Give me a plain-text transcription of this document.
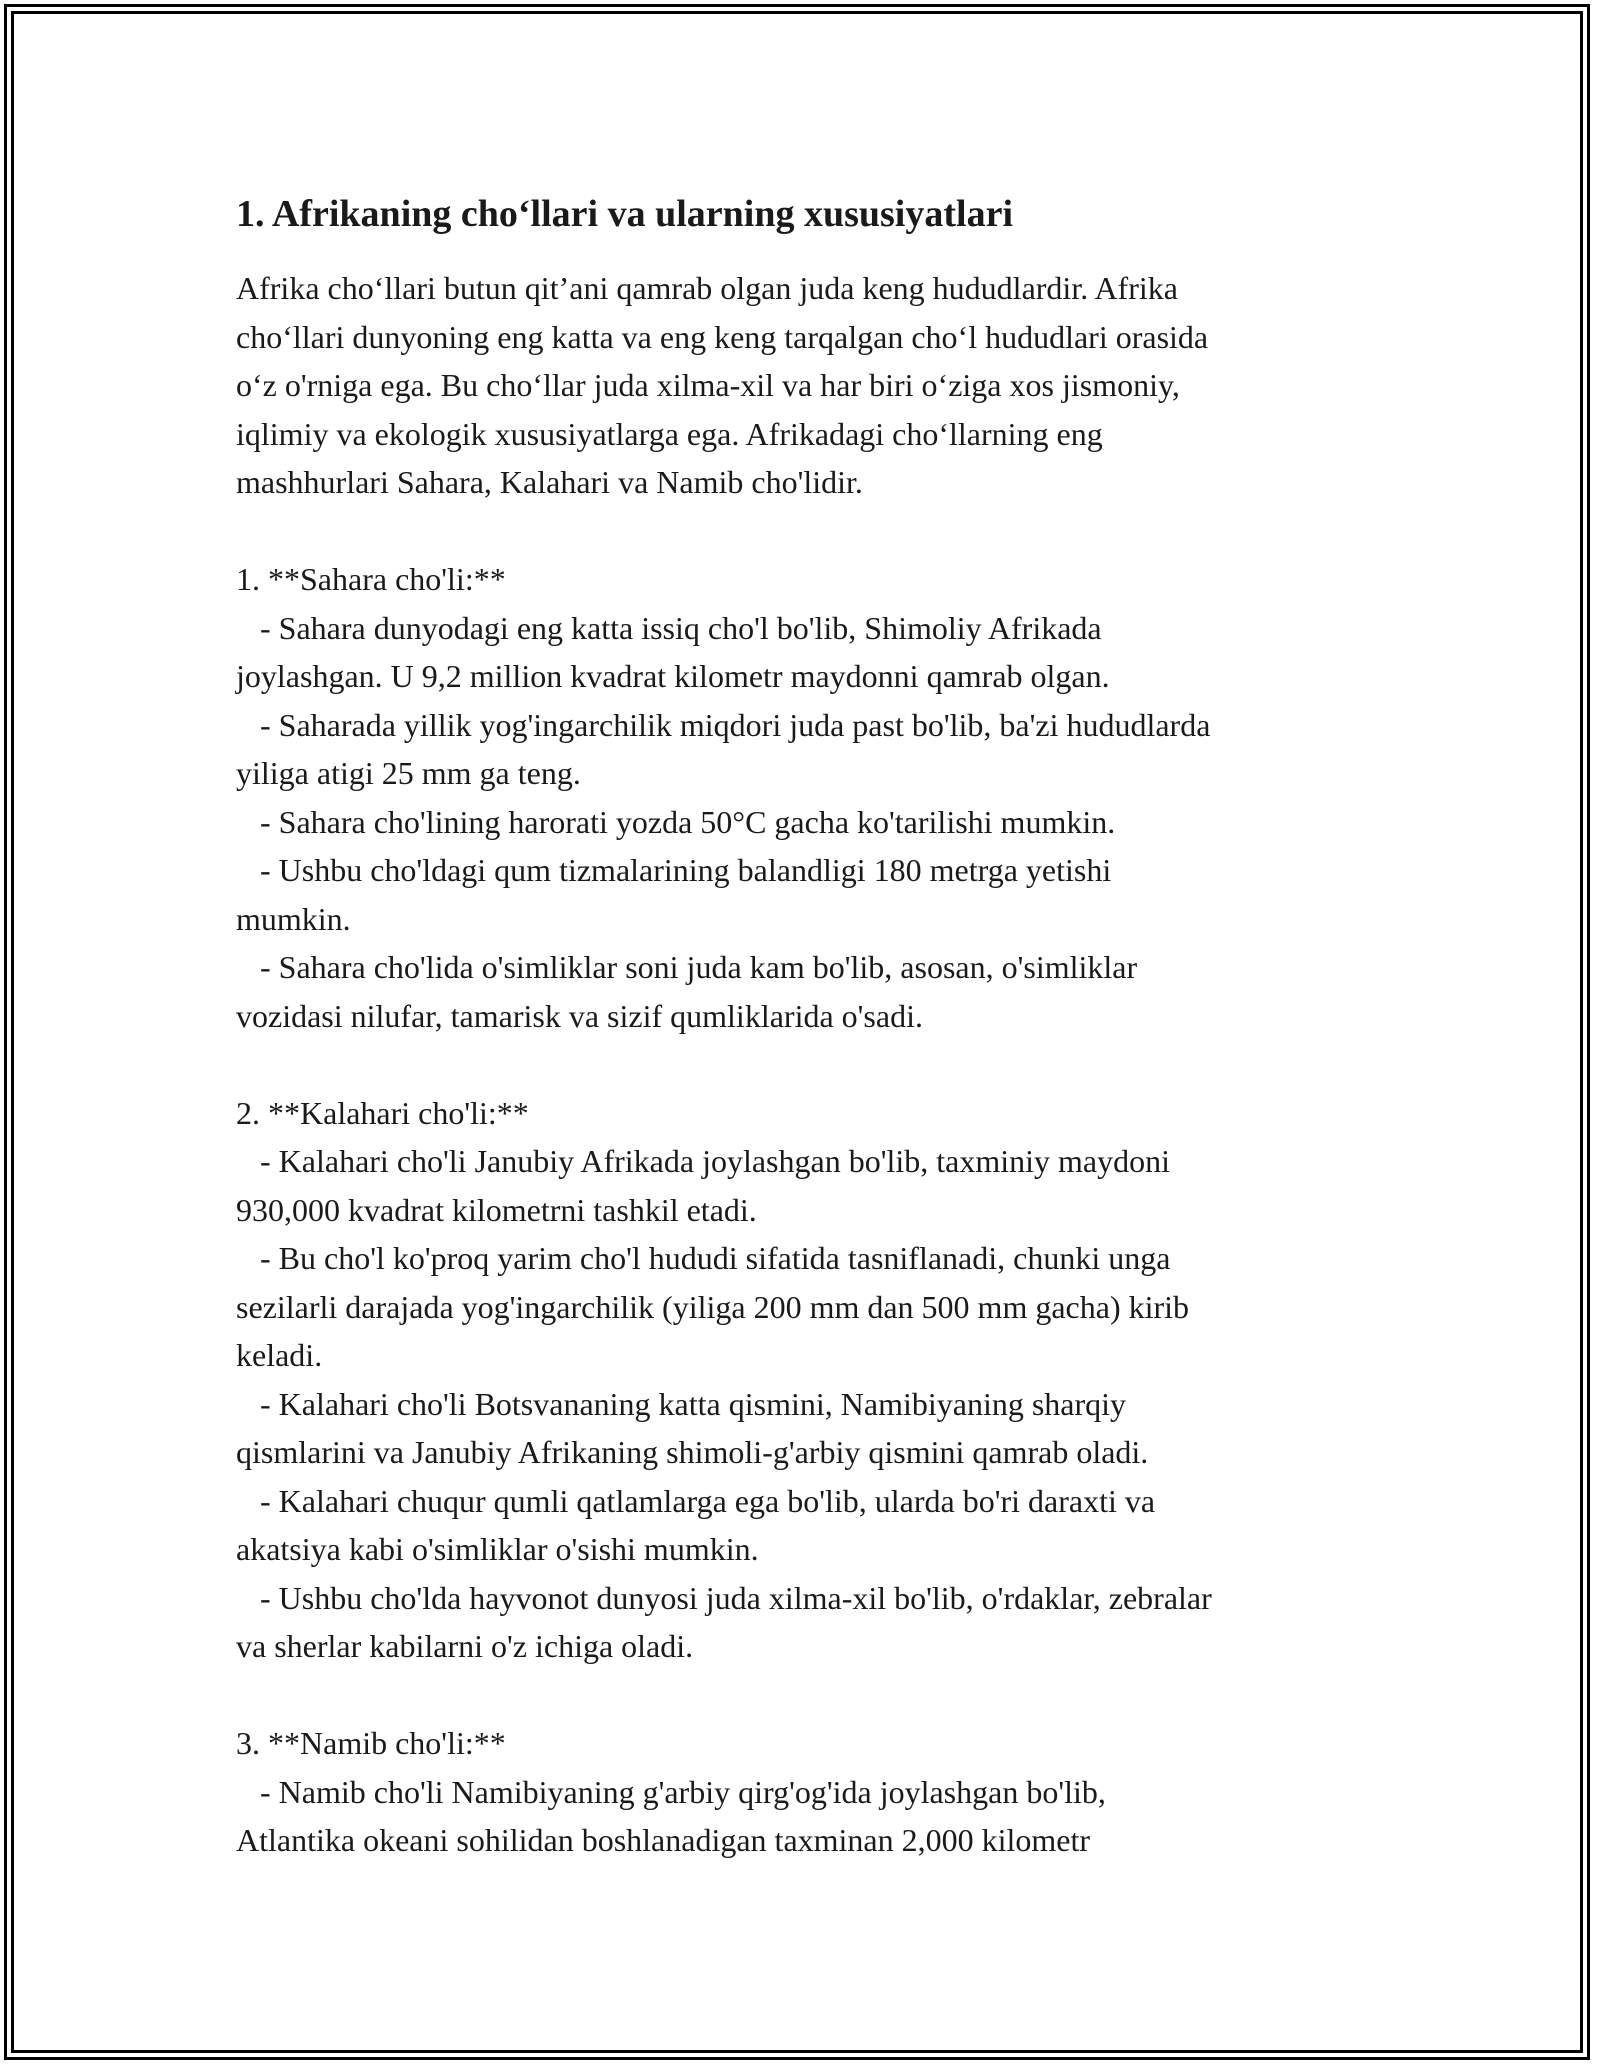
1. Afrikaning cho‘llari va ularning xususiyatlari

Afrika cho‘llari butun qit’ani qamrab olgan juda keng hududlardir. Afrika
cho‘llari dunyoning eng katta va eng keng tarqalgan cho‘l hududlari orasida
o‘z o'rniga ega. Bu cho‘llar juda xilma-xil va har biri o‘ziga xos jismoniy,
iqlimiy va ekologik xususiyatlarga ega. Afrikadagi cho‘llarning eng
mashhurlari Sahara, Kalahari va Namib cho'lidir.

1. **Sahara cho'li:**
- Sahara dunyodagi eng katta issiq cho'l bo'lib, Shimoliy Afrikada
joylashgan. U 9,2 million kvadrat kilometr maydonni qamrab olgan.
- Saharada yillik yog'ingarchilik miqdori juda past bo'lib, ba'zi hududlarda
yiliga atigi 25 mm ga teng.
- Sahara cho'lining harorati yozda 50°C gacha ko'tarilishi mumkin.
- Ushbu cho'ldagi qum tizmalarining balandligi 180 metrga yetishi
mumkin.
- Sahara cho'lida o'simliklar soni juda kam bo'lib, asosan, o'simliklar
vozidasi nilufar, tamarisk va sizif qumliklarida o'sadi.

2. **Kalahari cho'li:**
- Kalahari cho'li Janubiy Afrikada joylashgan bo'lib, taxminiy maydoni
930,000 kvadrat kilometrni tashkil etadi.
- Bu cho'l ko'proq yarim cho'l hududi sifatida tasniflanadi, chunki unga
sezilarli darajada yog'ingarchilik (yiliga 200 mm dan 500 mm gacha) kirib
keladi.
- Kalahari cho'li Botsvananing katta qismini, Namibiyaning sharqiy
qismlarini va Janubiy Afrikaning shimoli-g'arbiy qismini qamrab oladi.
- Kalahari chuqur qumli qatlamlarga ega bo'lib, ularda bo'ri daraxti va
akatsiya kabi o'simliklar o'sishi mumkin.
- Ushbu cho'lda hayvonot dunyosi juda xilma-xil bo'lib, o'rdaklar, zebralar
va sherlar kabilarni o'z ichiga oladi.

3. **Namib cho'li:**
- Namib cho'li Namibiyaning g'arbiy qirg'og'ida joylashgan bo'lib,
Atlantika okeani sohilidan boshlanadigan taxminan 2,000 kilometr
